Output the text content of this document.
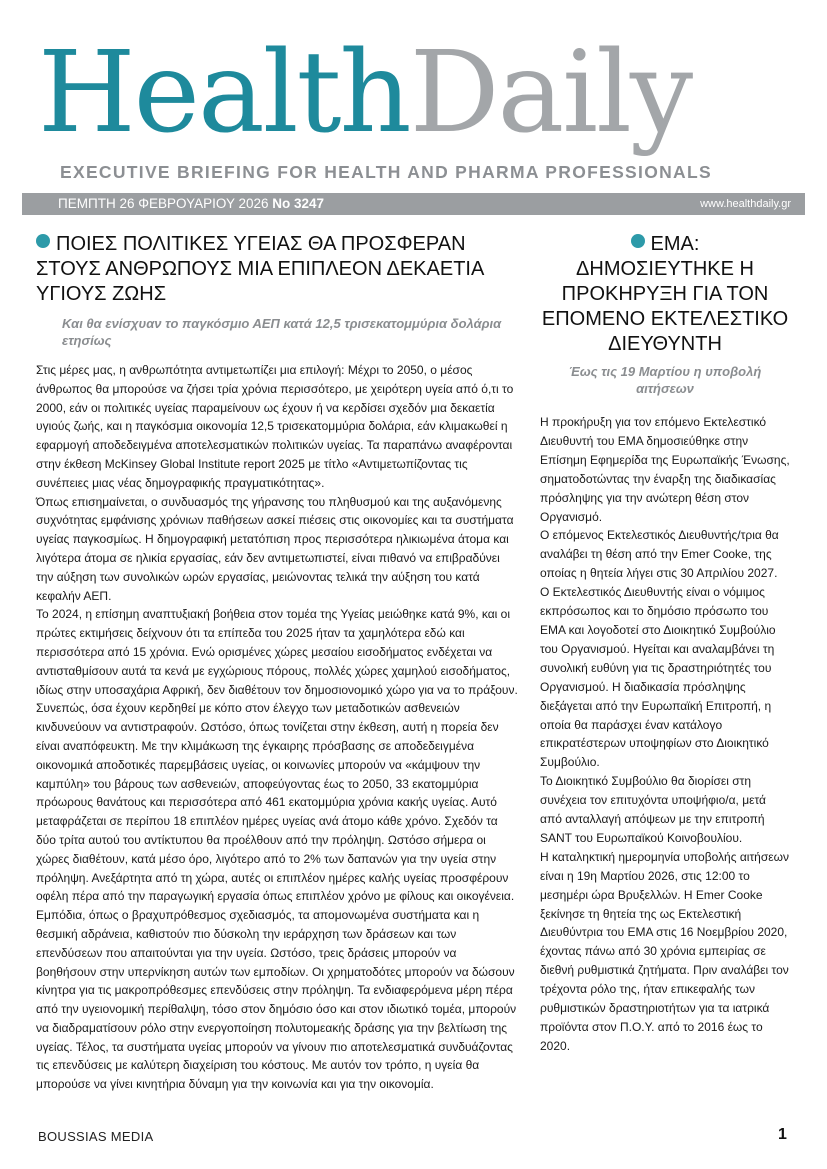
HealthDaily
EXECUTIVE BRIEFING FOR HEALTH AND PHARMA PROFESSIONALS
ΠΕΜΠΤΗ 26 ΦΕΒΡΟΥΑΡΙΟΥ 2026 No 3247	www.healthdaily.gr
ΠΟΙΕΣ ΠΟΛΙΤΙΚΕΣ ΥΓΕΙΑΣ ΘΑ ΠΡΟΣΦΕΡΑΝ ΣΤΟΥΣ ΑΝΘΡΩΠΟΥΣ ΜΙΑ ΕΠΙΠΛΕΟΝ ΔΕΚΑΕΤΙΑ ΥΓΙΟΥΣ ΖΩΗΣ
Και θα ενίσχυαν το παγκόσμιο ΑΕΠ κατά 12,5 τρισεκατομμύρια δολάρια ετησίως

Στις μέρες μας, η ανθρωπότητα αντιμετωπίζει μια επιλογή: Μέχρι το 2050, ο μέσος άνθρωπος θα μπορούσε να ζήσει τρία χρόνια περισσότερο, με χειρότερη υγεία από ό,τι το 2000, εάν οι πολιτικές υγείας παραμείνουν ως έχουν ή να κερδίσει σχεδόν μια δεκαετία υγιούς ζωής, και η παγκόσμια οικονομία 12,5 τρισεκατομμύρια δολάρια, εάν κλιμακωθεί η εφαρμογή αποδεδειγμένα αποτελεσματικών πολιτικών υγείας. Τα παραπάνω αναφέρονται στην έκθεση McKinsey Global Institute report 2025 με τίτλο «Αντιμετωπίζοντας τις συνέπειες μιας νέας δημογραφικής πραγματικότητας».

Όπως επισημαίνεται, ο συνδυασμός της γήρανσης του πληθυσμού και της αυξανόμενης συχνότητας εμφάνισης χρόνιων παθήσεων ασκεί πιέσεις στις οικονομίες και τα συστήματα υγείας παγκοσμίως. Η δημογραφική μετατόπιση προς περισσότερα ηλικιωμένα άτομα και λιγότερα άτομα σε ηλικία εργασίας, εάν δεν αντιμετωπιστεί, είναι πιθανό να επιβραδύνει την αύξηση των συνολικών ωρών εργασίας, μειώνοντας τελικά την αύξηση του κατά κεφαλήν ΑΕΠ.

Το 2024, η επίσημη αναπτυξιακή βοήθεια στον τομέα της Υγείας μειώθηκε κατά 9%, και οι πρώτες εκτιμήσεις δείχνουν ότι τα επίπεδα του 2025 ήταν τα χαμηλότερα εδώ και περισσότερα από 15 χρόνια. Ενώ ορισμένες χώρες μεσαίου εισοδήματος ενδέχεται να αντισταθμίσουν αυτά τα κενά με εγχώριους πόρους, πολλές χώρες χαμηλού εισοδήματος, ιδίως στην υποσαχάρια Αφρική, δεν διαθέτουν τον δημοσιονομικό χώρο για να το πράξουν. Συνεπώς, όσα έχουν κερδηθεί με κόπο στον έλεγχο των μεταδοτικών ασθενειών κινδυνεύουν να αντιστραφούν. Ωστόσο, όπως τονίζεται στην έκθεση, αυτή η πορεία δεν είναι αναπόφευκτη. Με την κλιμάκωση της έγκαιρης πρόσβασης σε αποδεδειγμένα οικονομικά αποδοτικές παρεμβάσεις υγείας, οι κοινωνίες μπορούν να «κάμψουν την καμπύλη» του βάρους των ασθενειών, αποφεύγοντας έως το 2050, 33 εκατομμύρια πρόωρους θανάτους και περισσότερα από 461 εκατομμύρια χρόνια κακής υγείας. Αυτό μεταφράζεται σε περίπου 18 επιπλέον ημέρες υγείας ανά άτομο κάθε χρόνο. Σχεδόν τα δύο τρίτα αυτού του αντίκτυπου θα προέλθουν από την πρόληψη. Ωστόσο σήμερα οι χώρες διαθέτουν, κατά μέσο όρο, λιγότερο από το 2% των δαπανών για την υγεία στην πρόληψη. Ανεξάρτητα από τη χώρα, αυτές οι επιπλέον ημέρες καλής υγείας προσφέρουν οφέλη πέρα από την παραγωγική εργασία όπως επιπλέον χρόνο με φίλους και οικογένεια.

Εμπόδια, όπως ο βραχυπρόθεσμος σχεδιασμός, τα απομονωμένα συστήματα και η θεσμική αδράνεια, καθιστούν πιο δύσκολη την ιεράρχηση των δράσεων και των επενδύσεων που απαιτούνται για την υγεία. Ωστόσο, τρεις δράσεις μπορούν να βοηθήσουν στην υπερνίκηση αυτών των εμποδίων. Οι χρηματοδότες μπορούν να δώσουν κίνητρα για τις μακροπρόθεσμες επενδύσεις στην πρόληψη. Τα ενδιαφερόμενα μέρη πέρα από την υγειονομική περίθαλψη, τόσο στον δημόσιο όσο και στον ιδιωτικό τομέα, μπορούν να διαδραματίσουν ρόλο στην ενεργοποίηση πολυτομεακής δράσης για την βελτίωση της υγείας. Τέλος, τα συστήματα υγείας μπορούν να γίνουν πιο αποτελεσματικά συνδυάζοντας τις επενδύσεις με καλύτερη διαχείριση του κόστους. Με αυτόν τον τρόπο, η υγεία θα μπορούσε να γίνει κινητήρια δύναμη για την κοινωνία και για την οικονομία.

ΕΜΑ:
ΔΗΜΟΣΙΕΥΤΗΚΕ Η ΠΡΟΚΗΡΥΞΗ ΓΙΑ ΤΟΝ ΕΠΟΜΕΝΟ ΕΚΤΕΛΕΣΤΙΚΟ ΔΙΕΥΘΥΝΤΗ
Έως τις 19 Μαρτίου η υποβολή αιτήσεων

Η προκήρυξη για τον επόμενο Εκτελεστικό Διευθυντή του ΕΜΑ δημοσιεύθηκε στην Επίσημη Εφημερίδα της Ευρωπαϊκής Ένωσης, σηματοδοτώντας την έναρξη της διαδικασίας πρόσληψης για την ανώτερη θέση στον Οργανισμό.

Ο επόμενος Εκτελεστικός Διευθυντής/τρια θα αναλάβει τη θέση από την Emer Cooke, της οποίας η θητεία λήγει στις 30 Απριλίου 2027.

Ο Εκτελεστικός Διευθυντής είναι ο νόμιμος εκπρόσωπος και το δημόσιο πρόσωπο του EMA και λογοδοτεί στο Διοικητικό Συμβούλιο του Οργανισμού. Ηγείται και αναλαμβάνει τη συνολική ευθύνη για τις δραστηριότητές του Οργανισμού. Η διαδικασία πρόσληψης διεξάγεται από την Ευρωπαϊκή Επιτροπή, η οποία θα παράσχει έναν κατάλογο επικρατέστερων υποψηφίων στο Διοικητικό Συμβούλιο.

Το Διοικητικό Συμβούλιο θα διορίσει στη συνέχεια τον επιτυχόντα υποψήφιο/α, μετά από ανταλλαγή απόψεων με την επιτροπή SANT του Ευρωπαϊκού Κοινοβουλίου.

Η καταληκτική ημερομηνία υποβολής αιτήσεων είναι η 19η Μαρτίου 2026, στις 12:00 το μεσημέρι ώρα Βρυξελλών. Η Emer Cooke ξεκίνησε τη θητεία της ως Εκτελεστική Διευθύντρια του EMA στις 16 Νοεμβρίου 2020, έχοντας πάνω από 30 χρόνια εμπειρίας σε διεθνή ρυθμιστικά ζητήματα. Πριν αναλάβει τον τρέχοντα ρόλο της, ήταν επικεφαλής των ρυθμιστικών δραστηριοτήτων για τα ιατρικά προϊόντα στον Π.Ο.Υ. από το 2016 έως το 2020.

BOUSSIAS MEDIA	1
